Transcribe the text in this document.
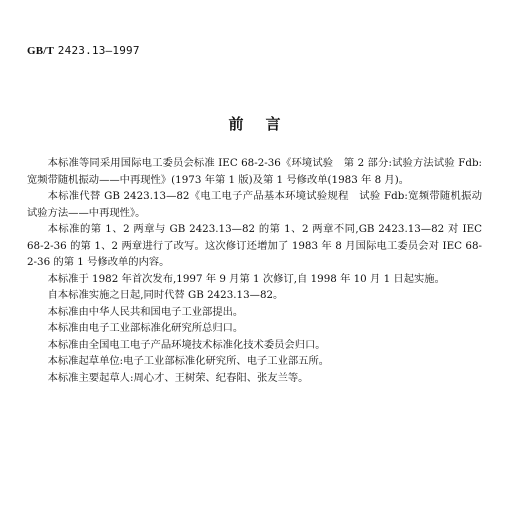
GB/T 2423.13—1997
前言

本标准等同采用国际电工委员会标准 IEC 68-2-36《环境试验　第 2 部分:试验方法试验 Fdb:宽频带随机振动——中再现性》(1973 年第 1 版)及第 1 号修改单(1983 年 8 月)。

本标准代替 GB 2423.13—82《电工电子产品基本环境试验规程　试验 Fdb:宽频带随机振动试验方法——中再现性》。

本标准的第 1、2 两章与 GB 2423.13—82 的第 1、2 两章不同,GB 2423.13—82 对 IEC 68-2-36 的第 1、2 两章进行了改写。这次修订还增加了 1983 年 8 月国际电工委员会对 IEC 68-2-36 的第 1 号修改单的内容。

本标准于 1982 年首次发布,1997 年 9 月第 1 次修订,自 1998 年 10 月 1 日起实施。

自本标准实施之日起,同时代替 GB 2423.13—82。

本标准由中华人民共和国电子工业部提出。

本标准由电子工业部标准化研究所总归口。

本标准由全国电工电子产品环境技术标准化技术委员会归口。

本标准起草单位:电子工业部标准化研究所、电子工业部五所。

本标准主要起草人:周心才、王树荣、纪春阳、张友兰等。
